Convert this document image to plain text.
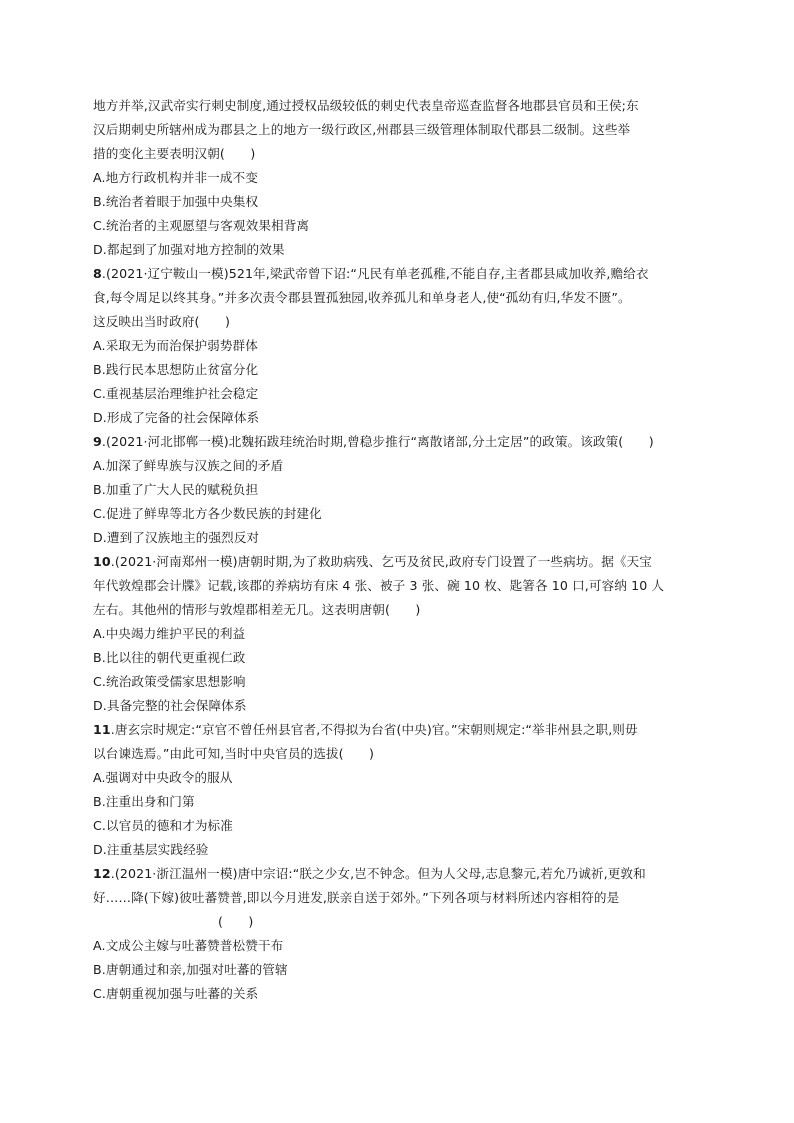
地方并举,汉武帝实行刺史制度,通过授权品级较低的刺史代表皇帝巡查监督各地郡县官员和王侯;东
汉后期刺史所辖州成为郡县之上的地方一级行政区,州郡县三级管理体制取代郡县二级制。这些举
措的变化主要表明汉朝(　　)
A.地方行政机构并非一成不变
B.统治者着眼于加强中央集权
C.统治者的主观愿望与客观效果相背离
D.都起到了加强对地方控制的效果
8.(2021·辽宁鞍山一模)521年,梁武帝曾下诏:“凡民有单老孤稚,不能自存,主者郡县咸加收养,赡给衣
食,每令周足以终其身。”并多次责令郡县置孤独园,收养孤儿和单身老人,使“孤幼有归,华发不匮”。
这反映出当时政府(　　)
A.采取无为而治保护弱势群体
B.践行民本思想防止贫富分化
C.重视基层治理维护社会稳定
D.形成了完备的社会保障体系
9.(2021·河北邯郸一模)北魏拓跋珪统治时期,曾稳步推行“离散诸部,分土定居”的政策。该政策(　　)
A.加深了鲜卑族与汉族之间的矛盾
B.加重了广大人民的赋税负担
C.促进了鲜卑等北方各少数民族的封建化
D.遭到了汉族地主的强烈反对
10.(2021·河南郑州一模)唐朝时期,为了救助病残、乞丐及贫民,政府专门设置了一些病坊。据《天宝
年代敦煌郡会计牒》记载,该郡的养病坊有床 4 张、被子 3 张、碗 10 枚、匙箸各 10 口,可容纳 10 人
左右。其他州的情形与敦煌郡相差无几。这表明唐朝(　　)
A.中央竭力维护平民的利益
B.比以往的朝代更重视仁政
C.统治政策受儒家思想影响
D.具备完整的社会保障体系
11.唐玄宗时规定:“京官不曾任州县官者,不得拟为台省(中央)官。”宋朝则规定:“举非州县之职,则毋
以台谏选焉。”由此可知,当时中央官员的选拔(　　)
A.强调对中央政令的服从
B.注重出身和门第
C.以官员的德和才为标准
D.注重基层实践经验
12.(2021·浙江温州一模)唐中宗诏:“朕之少女,岂不钟念。但为人父母,志息黎元,若允乃诚祈,更敦和
好……降(下嫁)彼吐蕃赞普,即以今月进发,朕亲自送于郊外。”下列各项与材料所述内容相符的是
(　　)
A.文成公主嫁与吐蕃赞普松赞干布
B.唐朝通过和亲,加强对吐蕃的管辖
C.唐朝重视加强与吐蕃的关系
